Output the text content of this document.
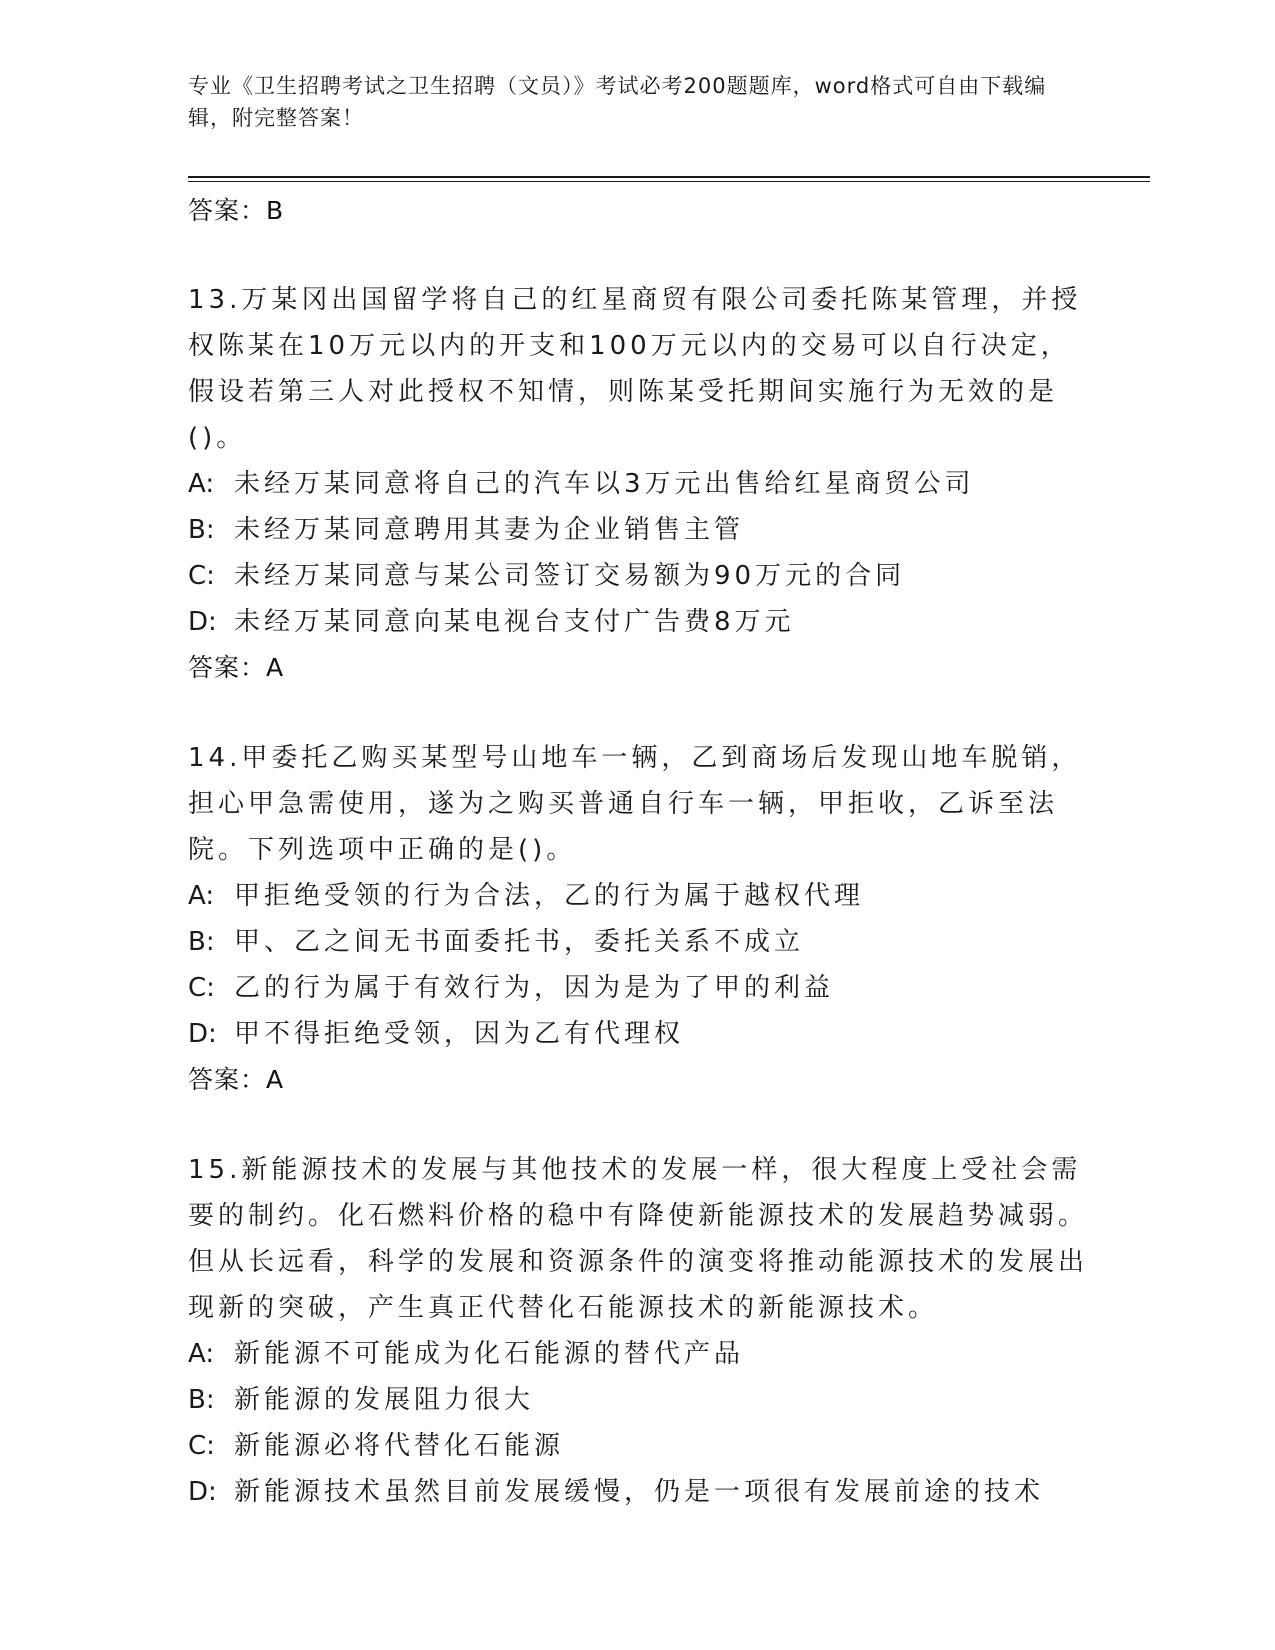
专业《卫生招聘考试之卫生招聘（文员）》考试必考200题题库，word格式可自由下载编辑，附完整答案！

答案：B

13.万某冈出国留学将自己的红星商贸有限公司委托陈某管理，并授权陈某在10万元以内的开支和100万元以内的交易可以自行决定，假设若第三人对此授权不知情，则陈某受托期间实施行为无效的是()。

A: 未经万某同意将自己的汽车以3万元出售给红星商贸公司

B: 未经万某同意聘用其妻为企业销售主管

C: 未经万某同意与某公司签订交易额为90万元的合同

D: 未经万某同意向某电视台支付广告费8万元

答案：A

14.甲委托乙购买某型号山地车一辆，乙到商场后发现山地车脱销，担心甲急需使用，遂为之购买普通自行车一辆，甲拒收，乙诉至法院。下列选项中正确的是()。

A: 甲拒绝受领的行为合法，乙的行为属于越权代理

B: 甲、乙之间无书面委托书，委托关系不成立

C: 乙的行为属于有效行为，因为是为了甲的利益

D: 甲不得拒绝受领，因为乙有代理权

答案：A

15.新能源技术的发展与其他技术的发展一样，很大程度上受社会需要的制约。化石燃料价格的稳中有降使新能源技术的发展趋势减弱。但从长远看，科学的发展和资源条件的演变将推动能源技术的发展出现新的突破，产生真正代替化石能源技术的新能源技术。

A: 新能源不可能成为化石能源的替代产品

B: 新能源的发展阻力很大

C: 新能源必将代替化石能源

D: 新能源技术虽然目前发展缓慢，仍是一项很有发展前途的技术
